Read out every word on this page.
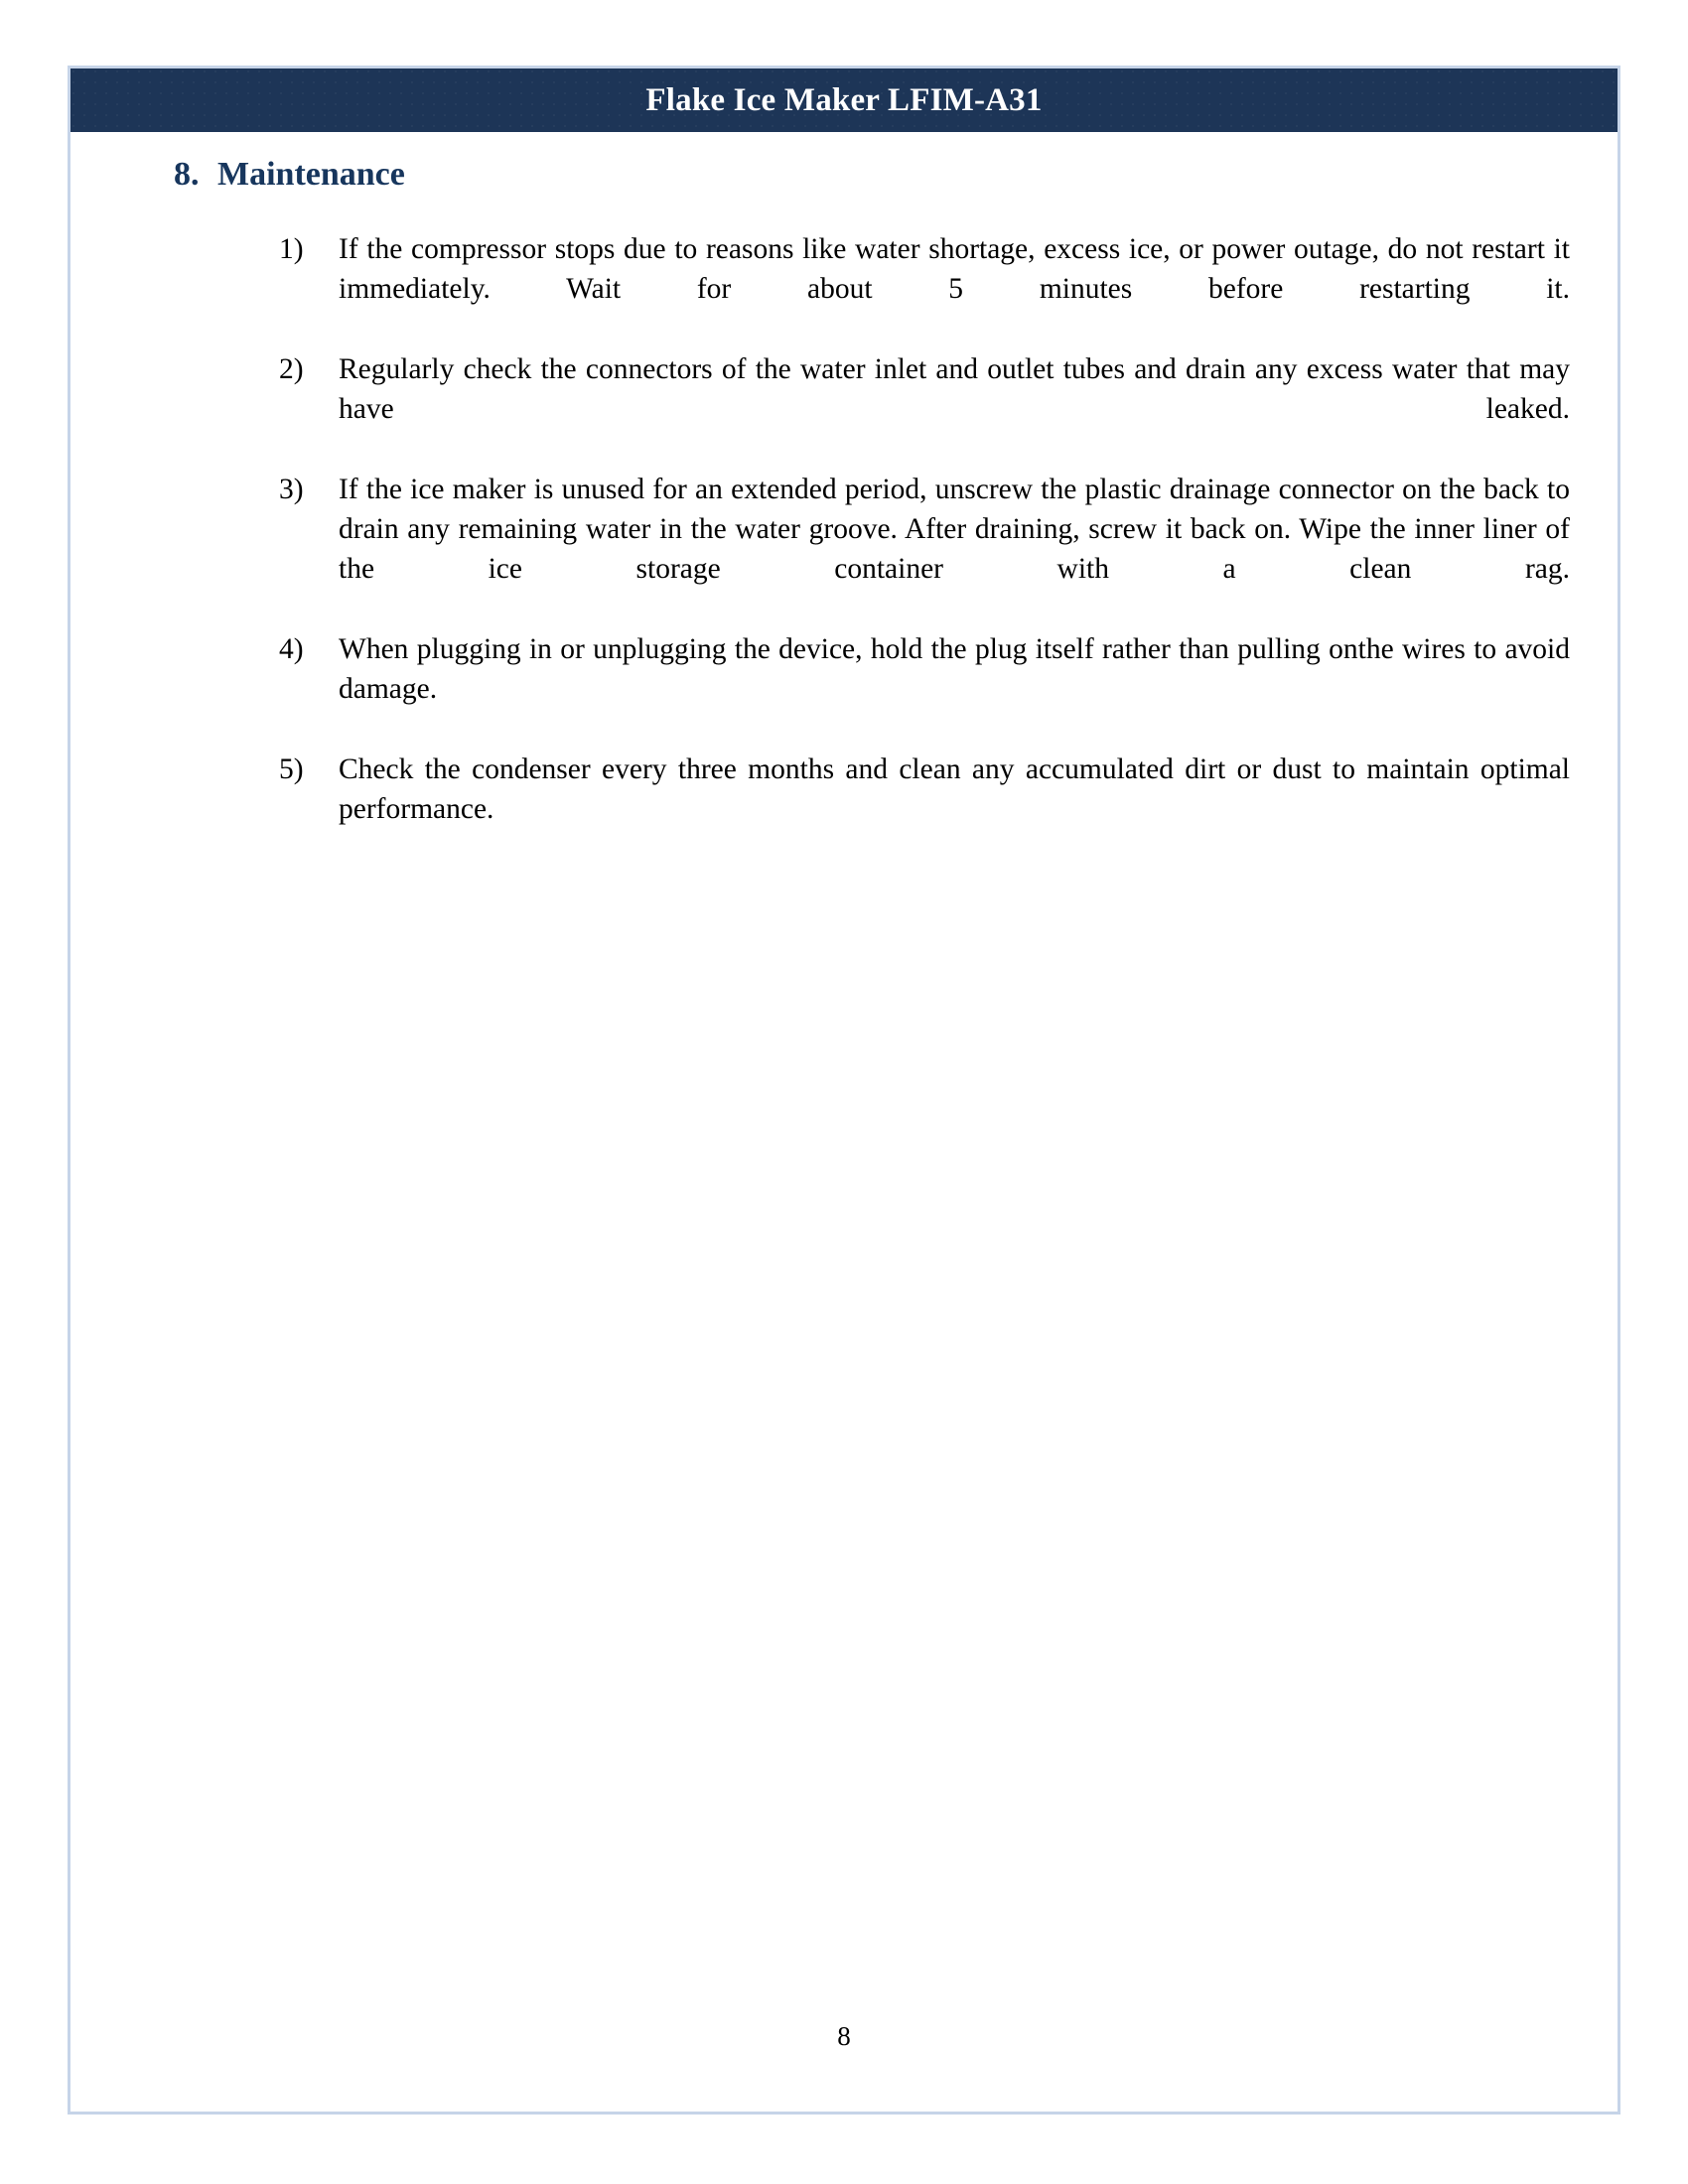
Flake Ice Maker LFIM-A31
8. Maintenance
1)	If the compressor stops due to reasons like water shortage, excess ice, or power outage, do not restart it immediately. Wait for about 5 minutes before restarting it.
2)	Regularly check the connectors of the water inlet and outlet tubes and drain any excess water that may have leaked.
3)	If the ice maker is unused for an extended period, unscrew the plastic drainage connector on the back to drain any remaining water in the water groove. After draining, screw it back on. Wipe the inner liner of the ice storage container with a clean rag.
4)	When plugging in or unplugging the device, hold the plug itself rather than pulling onthe wires to avoid damage.
5)	Check the condenser every three months and clean any accumulated dirt or dust to maintain optimal performance.
8
